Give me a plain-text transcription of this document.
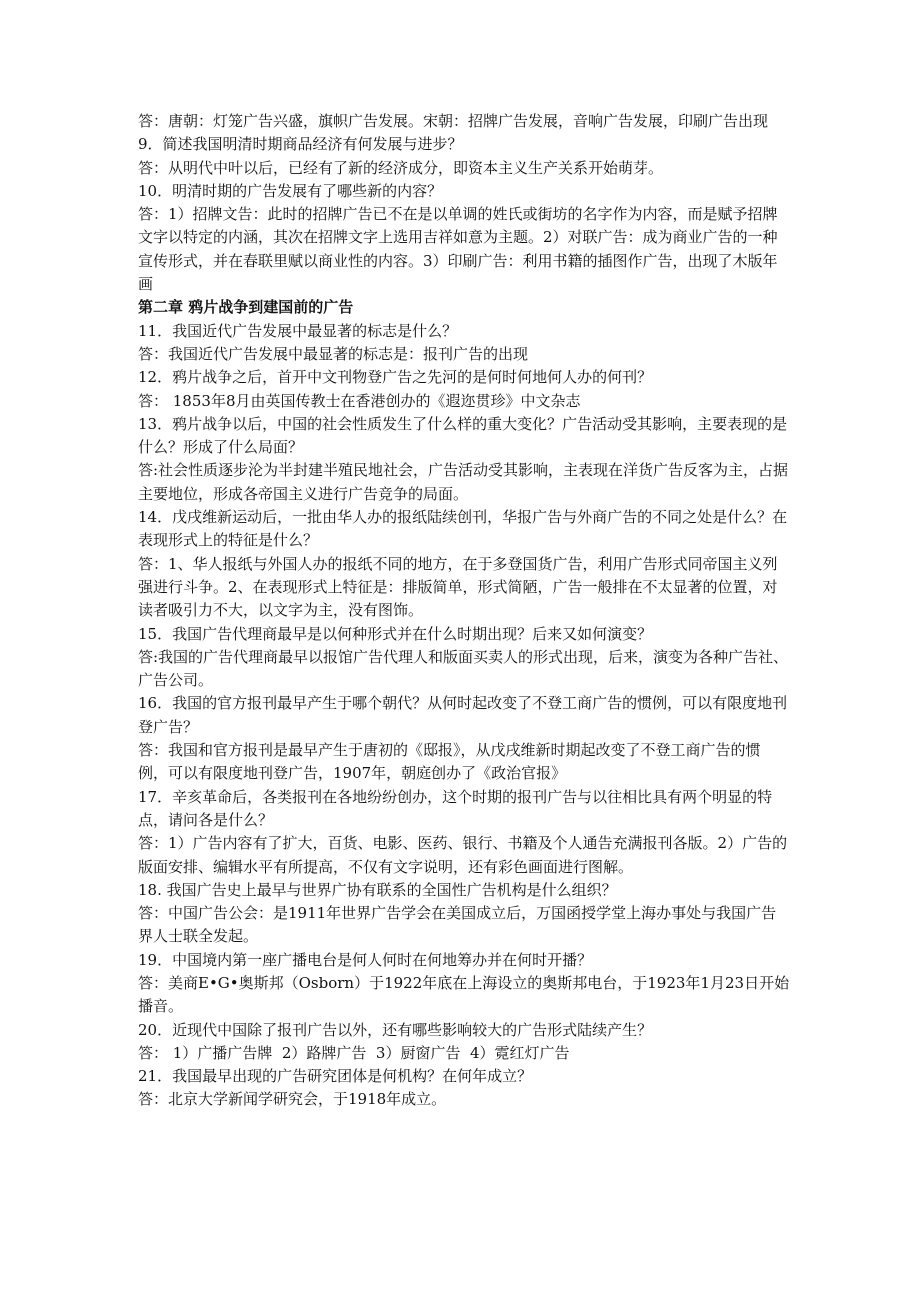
答：唐朝：灯笼广告兴盛，旗帜广告发展。宋朝：招牌广告发展，音响广告发展，印刷广告出现
9．简述我国明清时期商品经济有何发展与进步？
答：从明代中叶以后，已经有了新的经济成分，即资本主义生产关系开始萌芽。
10．明清时期的广告发展有了哪些新的内容？
答：1）招牌文告：此时的招牌广告已不在是以单调的姓氏或街坊的名字作为内容，而是赋予招牌文字以特定的内涵，其次在招牌文字上选用吉祥如意为主题。2）对联广告：成为商业广告的一种宣传形式，并在春联里赋以商业性的内容。3）印刷广告：利用书籍的插图作广告，出现了木版年画
第二章 鸦片战争到建国前的广告
11．我国近代广告发展中最显著的标志是什么？
答：我国近代广告发展中最显著的标志是：报刊广告的出现
12．鸦片战争之后，首开中文刊物登广告之先河的是何时何地何人办的何刊？
答： 1853年8月由英国传教士在香港创办的《遐迩贯珍》中文杂志
13．鸦片战争以后，中国的社会性质发生了什么样的重大变化？广告活动受其影响，主要表现的是什么？形成了什么局面？
答:社会性质逐步沦为半封建半殖民地社会，广告活动受其影响，主表现在洋货广告反客为主，占据主要地位，形成各帝国主义进行广告竞争的局面。
14．戊戌维新运动后，一批由华人办的报纸陆续创刊，华报广告与外商广告的不同之处是什么？在表现形式上的特征是什么？
答：1、华人报纸与外国人办的报纸不同的地方，在于多登国货广告，利用广告形式同帝国主义列强进行斗争。2、在表现形式上特征是：排版简单，形式简陋，广告一般排在不太显著的位置，对读者吸引力不大，以文字为主，没有图饰。
15．我国广告代理商最早是以何种形式并在什么时期出现？后来又如何演变？
答:我国的广告代理商最早以报馆广告代理人和版面买卖人的形式出现，后来，演变为各种广告社、广告公司。
16．我国的官方报刊最早产生于哪个朝代？从何时起改变了不登工商广告的惯例，可以有限度地刊登广告？
答：我国和官方报刊是最早产生于唐初的《邸报》，从戊戌维新时期起改变了不登工商广告的惯例，可以有限度地刊登广告，1907年，朝庭创办了《政治官报》
17．辛亥革命后，各类报刊在各地纷纷创办，这个时期的报刊广告与以往相比具有两个明显的特点，请问各是什么？
答：1）广告内容有了扩大，百货、电影、医药、银行、书籍及个人通告充满报刊各版。2）广告的版面安排、编辑水平有所提高，不仅有文字说明，还有彩色画面进行图解。
18. 我国广告史上最早与世界广协有联系的全国性广告机构是什么组织？
答：中国广告公会：是1911年世界广告学会在美国成立后，万国函授学堂上海办事处与我国广告界人士联全发起。
19．中国境内第一座广播电台是何人何时在何地筹办并在何时开播？
答：美商E•G•奥斯邦（Osborn）于1922年底在上海设立的奥斯邦电台，于1923年1月23日开始播音。
20．近现代中国除了报刊广告以外，还有哪些影响较大的广告形式陆续产生？
答： 1）广播广告牌  2）路牌广告  3）厨窗广告  4）霓红灯广告
21．我国最早出现的广告研究团体是何机构？在何年成立？
答：北京大学新闻学研究会，于1918年成立。
